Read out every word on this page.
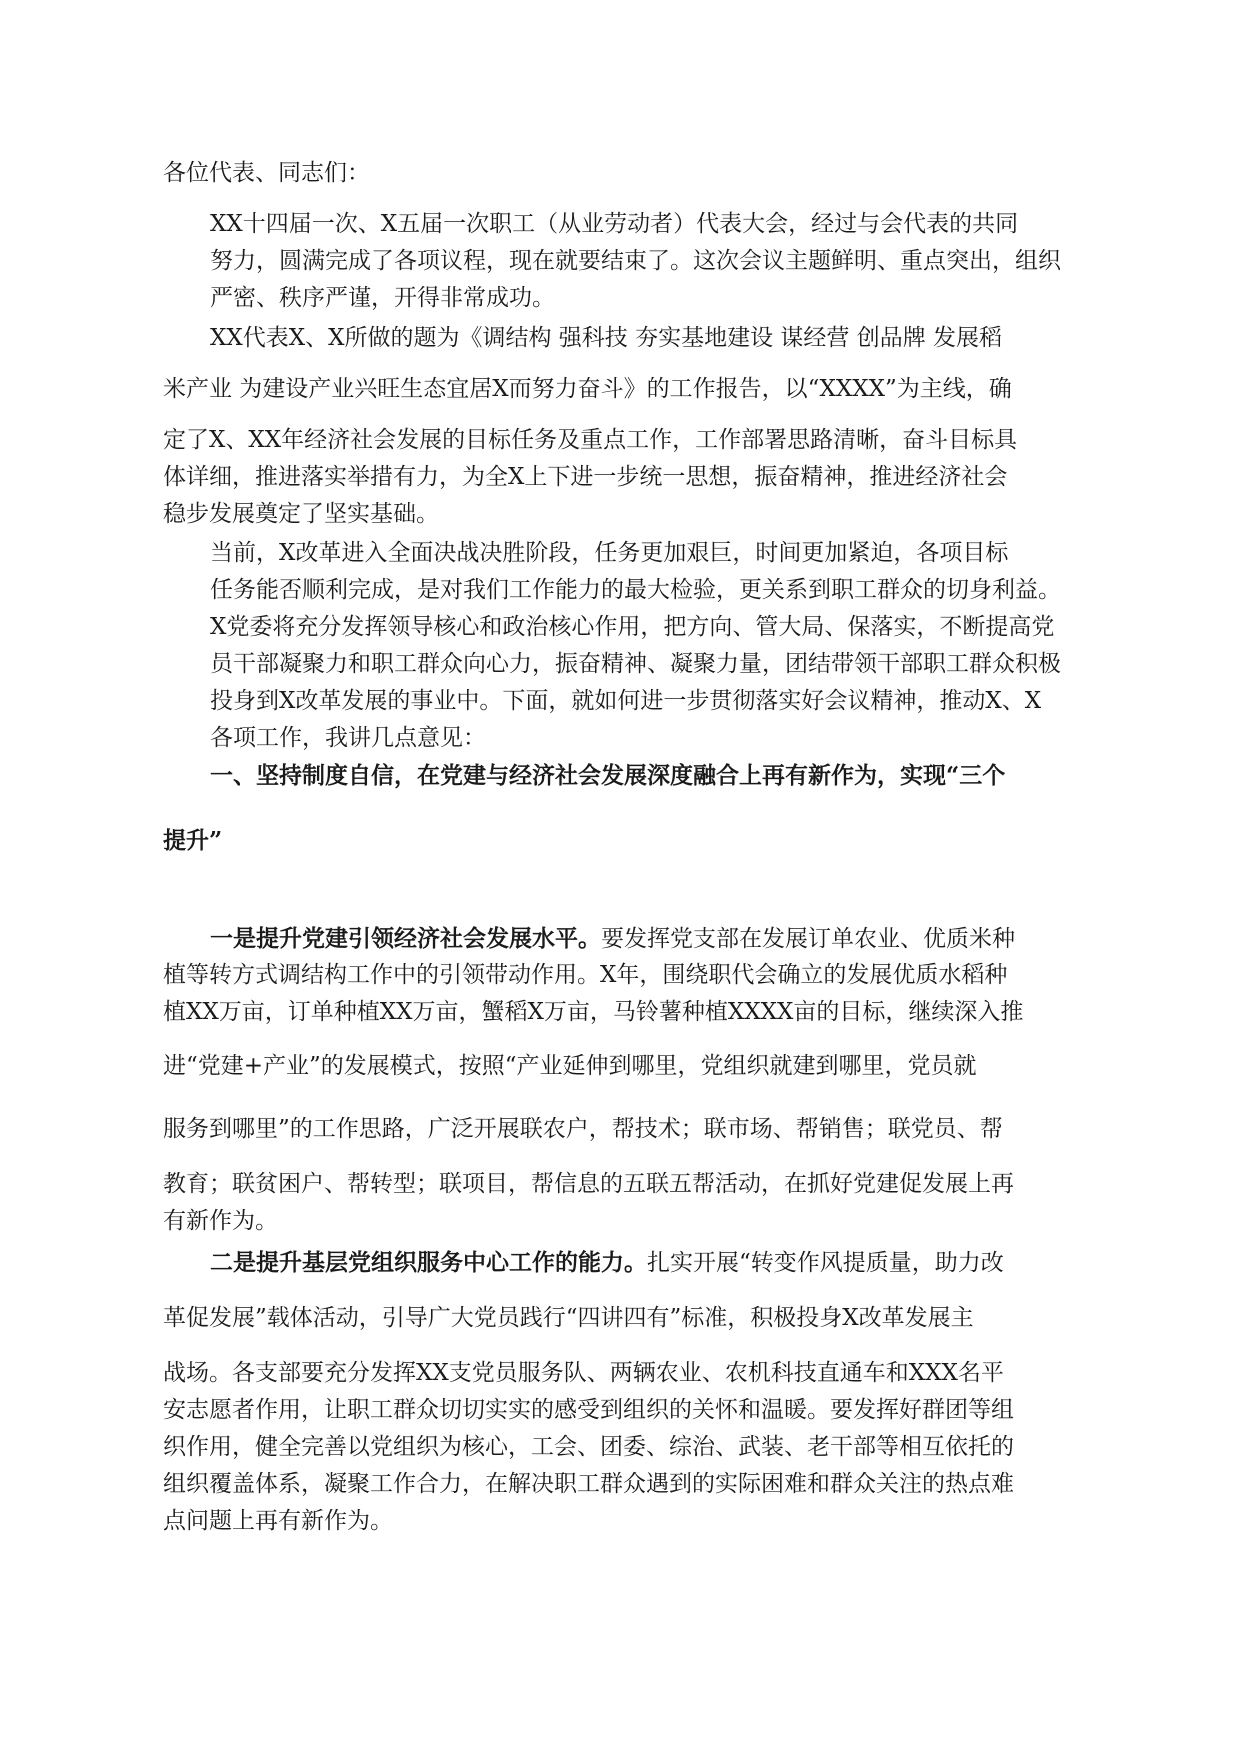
各位代表、同志们：

XX十四届一次、X五届一次职工（从业劳动者）代表大会，经过与会代表的共同
努力，圆满完成了各项议程，现在就要结束了。这次会议主题鲜明、重点突出，组织
严密、秩序严谨，开得非常成功。

XX代表X、X所做的题为《调结构 强科技 夯实基地建设 谋经营 创品牌 发展稻

米产业 为建设产业兴旺生态宜居X而努力奋斗》的工作报告，以“XXXX”为主线，确

定了X、XX年经济社会发展的目标任务及重点工作，工作部署思路清晰，奋斗目标具
体详细，推进落实举措有力，为全X上下进一步统一思想，振奋精神，推进经济社会
稳步发展奠定了坚实基础。

当前，X改革进入全面决战决胜阶段，任务更加艰巨，时间更加紧迫，各项目标
任务能否顺利完成，是对我们工作能力的最大检验，更关系到职工群众的切身利益。
X党委将充分发挥领导核心和政治核心作用，把方向、管大局、保落实，不断提高党
员干部凝聚力和职工群众向心力，振奋精神、凝聚力量，团结带领干部职工群众积极
投身到X改革发展的事业中。下面，就如何进一步贯彻落实好会议精神，推动X、X
各项工作，我讲几点意见：

一、坚持制度自信，在党建与经济社会发展深度融合上再有新作为，实现“三个

提升”

一是提升党建引领经济社会发展水平。要发挥党支部在发展订单农业、优质米种

植等转方式调结构工作中的引领带动作用。X年，围绕职代会确立的发展优质水稻种
植XX万亩，订单种植XX万亩，蟹稻X万亩，马铃薯种植XXXX亩的目标，继续深入推

进“党建+产业”的发展模式，按照“产业延伸到哪里，党组织就建到哪里，党员就

服务到哪里”的工作思路，广泛开展联农户，帮技术；联市场、帮销售；联党员、帮

教育；联贫困户、帮转型；联项目，帮信息的五联五帮活动，在抓好党建促发展上再
有新作为。

二是提升基层党组织服务中心工作的能力。扎实开展“转变作风提质量，助力改

革促发展”载体活动，引导广大党员践行“四讲四有”标准，积极投身X改革发展主

战场。各支部要充分发挥XX支党员服务队、两辆农业、农机科技直通车和XXX名平
安志愿者作用，让职工群众切切实实的感受到组织的关怀和温暖。要发挥好群团等组
织作用，健全完善以党组织为核心，工会、团委、综治、武装、老干部等相互依托的
组织覆盖体系，凝聚工作合力，在解决职工群众遇到的实际困难和群众关注的热点难
点问题上再有新作为。
